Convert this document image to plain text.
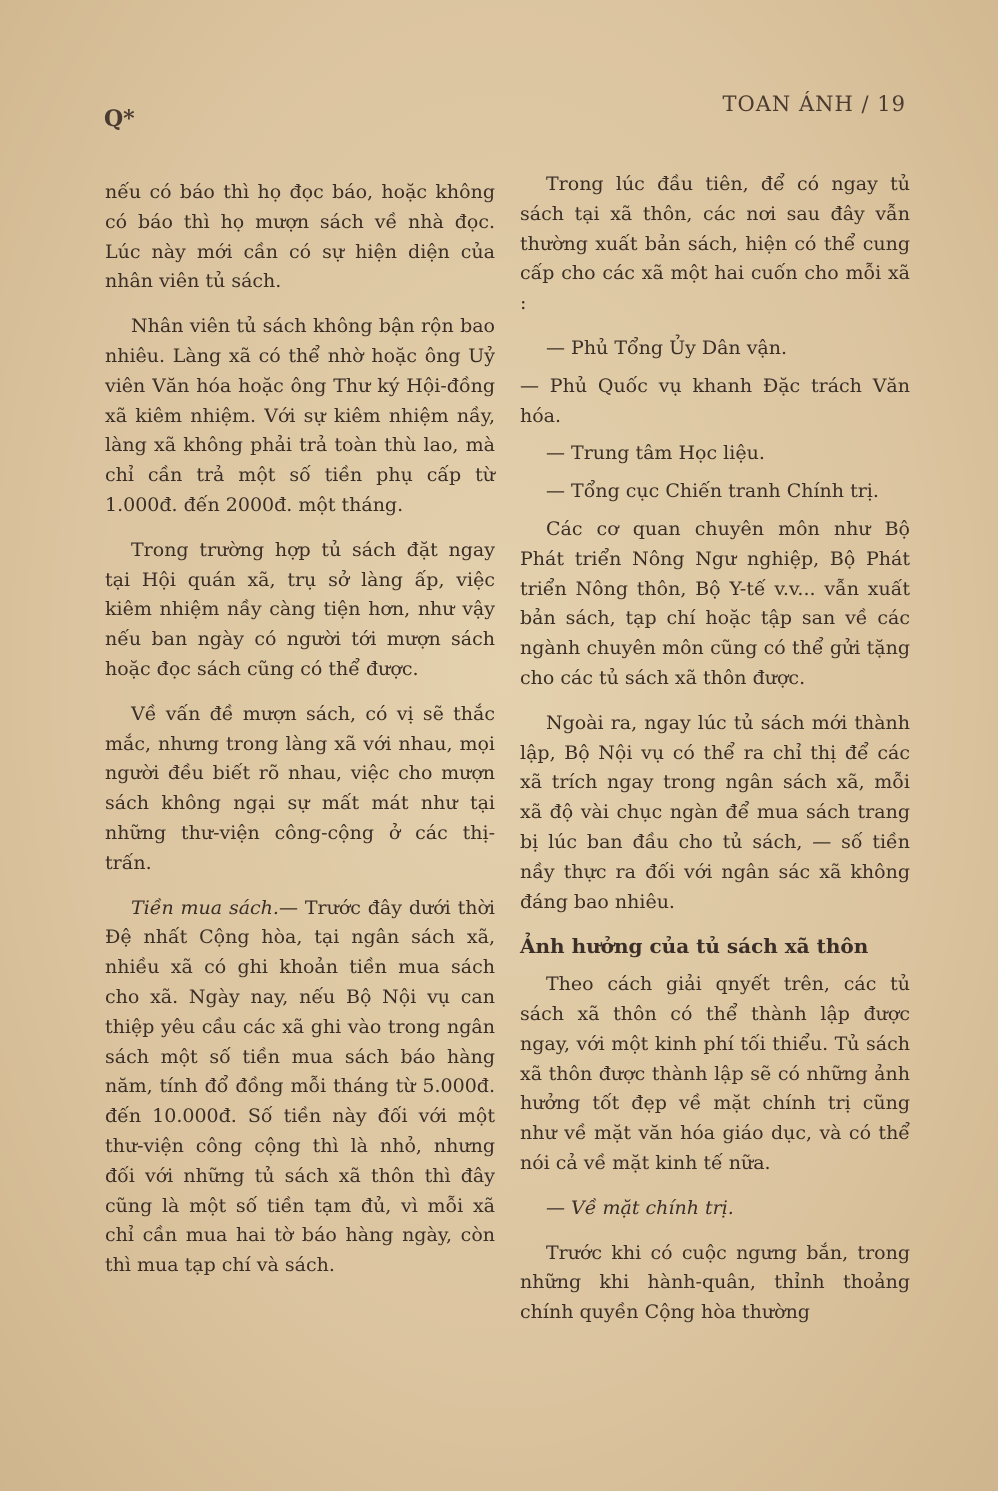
Q*
TOAN ÁNH / 19

nếu có báo thì họ đọc báo, hoặc không có báo thì họ mượn sách về nhà đọc. Lúc này mới cần có sự hiện diện của nhân viên tủ sách.

Nhân viên tủ sách không bận rộn bao nhiêu. Làng xã có thể nhờ hoặc ông Uỷ viên Văn hóa hoặc ông Thư ký Hội-đồng xã kiêm nhiệm. Với sự kiêm nhiệm nầy, làng xã không phải trả toàn thù lao, mà chỉ cần trả một số tiền phụ cấp từ 1.000đ. đến 2000đ. một tháng.

Trong trường hợp tủ sách đặt ngay tại Hội quán xã, trụ sở làng ấp, việc kiêm nhiệm nầy càng tiện hơn, như vậy nếu ban ngày có người tới mượn sách hoặc đọc sách cũng có thể được.

Về vấn đề mượn sách, có vị sẽ thắc mắc, nhưng trong làng xã với nhau, mọi người đều biết rõ nhau, việc cho mượn sách không ngại sự mất mát như tại những thư-viện công-cộng ở các thị-trấn.

Tiền mua sách.— Trước đây dưới thời Đệ nhất Cộng hòa, tại ngân sách xã, nhiều xã có ghi khoản tiền mua sách cho xã. Ngày nay, nếu Bộ Nội vụ can thiệp yêu cầu các xã ghi vào trong ngân sách một số tiền mua sách báo hàng năm, tính đổ đồng mỗi tháng từ 5.000đ. đến 10.000đ. Số tiền này đối với một thư-viện công cộng thì là nhỏ, nhưng đối với những tủ sách xã thôn thì đây cũng là một số tiền tạm đủ, vì mỗi xã chỉ cần mua hai tờ báo hàng ngày, còn thì mua tạp chí và sách.

Trong lúc đầu tiên, để có ngay tủ sách tại xã thôn, các nơi sau đây vẫn thường xuất bản sách, hiện có thể cung cấp cho các xã một hai cuốn cho mỗi xã :

— Phủ Tổng Ủy Dân vận.

— Phủ Quốc vụ khanh Đặc trách Văn hóa.

— Trung tâm Học liệu.

— Tổng cục Chiến tranh Chính trị.

Các cơ quan chuyên môn như Bộ Phát triển Nông Ngư nghiệp, Bộ Phát triển Nông thôn, Bộ Y-tế v.v... vẫn xuất bản sách, tạp chí hoặc tập san về các ngành chuyên môn cũng có thể gửi tặng cho các tủ sách xã thôn được.

Ngoài ra, ngay lúc tủ sách mới thành lập, Bộ Nội vụ có thể ra chỉ thị để các xã trích ngay trong ngân sách xã, mỗi xã độ vài chục ngàn để mua sách trang bị lúc ban đầu cho tủ sách, — số tiền nầy thực ra đối với ngân sác xã không đáng bao nhiêu.

Ảnh hưởng của tủ sách xã thôn

Theo cách giải qnyết trên, các tủ sách xã thôn có thể thành lập được ngay, với một kinh phí tối thiểu. Tủ sách xã thôn được thành lập sẽ có những ảnh hưởng tốt đẹp về mặt chính trị cũng như về mặt văn hóa giáo dục, và có thể nói cả về mặt kinh tế nữa.

— Về mặt chính trị.

Trước khi có cuộc ngưng bắn, trong những khi hành-quân, thỉnh thoảng chính quyền Cộng hòa thường
